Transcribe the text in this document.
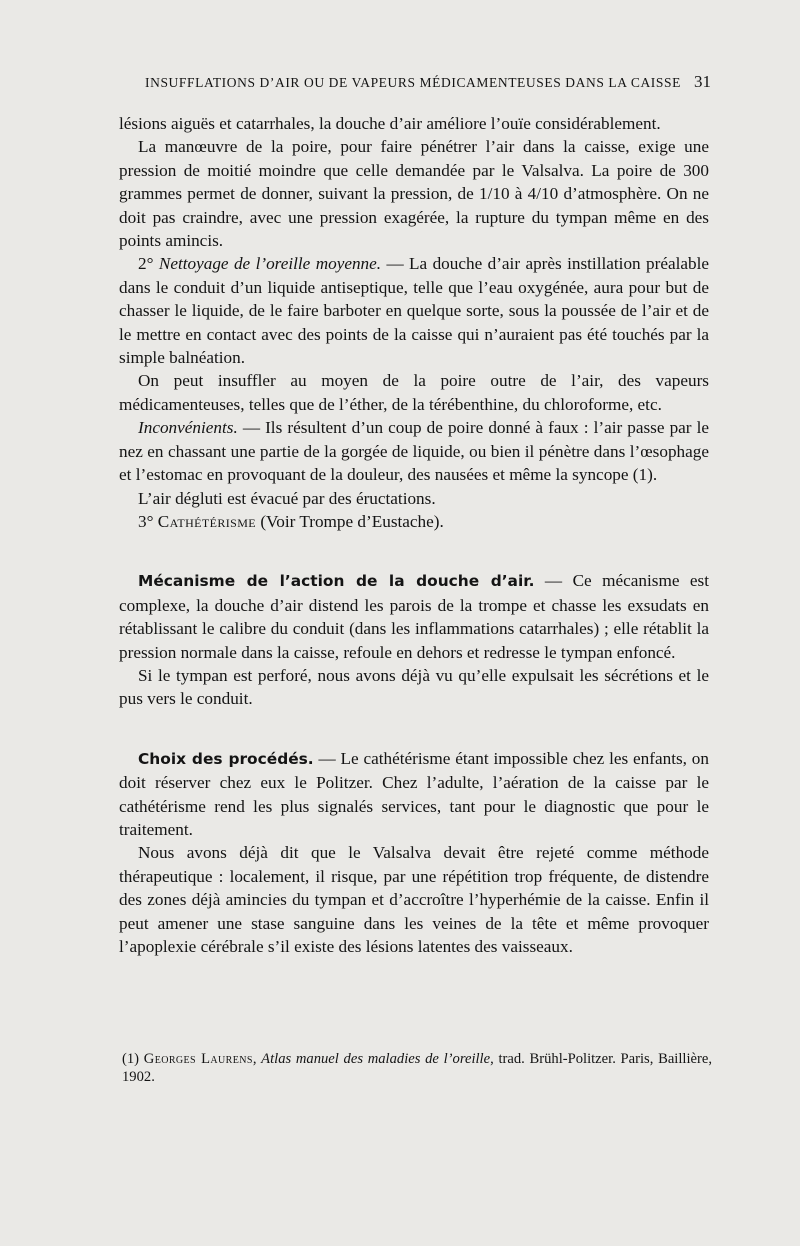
INSUFFLATIONS D’AIR OU DE VAPEURS MÉDICAMENTEUSES DANS LA CAISSE 31

lésions aiguës et catarrhales, la douche d’air améliore l’ouïe considérablement.

La manœuvre de la poire, pour faire pénétrer l’air dans la caisse, exige une pression de moitié moindre que celle demandée par le Valsalva. La poire de 300 grammes permet de donner, suivant la pression, de 1/10 à 4/10 d’atmosphère. On ne doit pas craindre, avec une pression exagérée, la rupture du tympan même en des points amincis.

2° Nettoyage de l’oreille moyenne. — La douche d’air après instillation préalable dans le conduit d’un liquide antiseptique, telle que l’eau oxygénée, aura pour but de chasser le liquide, de le faire barboter en quelque sorte, sous la poussée de l’air et de le mettre en contact avec des points de la caisse qui n’auraient pas été touchés par la simple balnéation.

On peut insuffler au moyen de la poire outre de l’air, des vapeurs médicamenteuses, telles que de l’éther, de la térébenthine, du chloroforme, etc.

Inconvénients. — Ils résultent d’un coup de poire donné à faux : l’air passe par le nez en chassant une partie de la gorgée de liquide, ou bien il pénètre dans l’œsophage et l’estomac en provoquant de la douleur, des nausées et même la syncope (1).

L’air dégluti est évacué par des éructations.

3° Cathétérisme (Voir Trompe d’Eustache).

Mécanisme de l’action de la douche d’air. — Ce mécanisme est complexe, la douche d’air distend les parois de la trompe et chasse les exsudats en rétablissant le calibre du conduit (dans les inflammations catarrhales) ; elle rétablit la pression normale dans la caisse, refoule en dehors et redresse le tympan enfoncé.

Si le tympan est perforé, nous avons déjà vu qu’elle expulsait les sécrétions et le pus vers le conduit.

Choix des procédés. — Le cathétérisme étant impossible chez les enfants, on doit réserver chez eux le Politzer. Chez l’adulte, l’aération de la caisse par le cathétérisme rend les plus signalés services, tant pour le diagnostic que pour le traitement.

Nous avons déjà dit que le Valsalva devait être rejeté comme méthode thérapeutique : localement, il risque, par une répétition trop fréquente, de distendre des zones déjà amincies du tympan et d’accroître l’hyperhémie de la caisse. Enfin il peut amener une stase sanguine dans les veines de la tête et même provoquer l’apoplexie cérébrale s’il existe des lésions latentes des vaisseaux.

(1) Georges Laurens, Atlas manuel des maladies de l’oreille, trad. Brühl-Politzer. Paris, Baillière, 1902.
